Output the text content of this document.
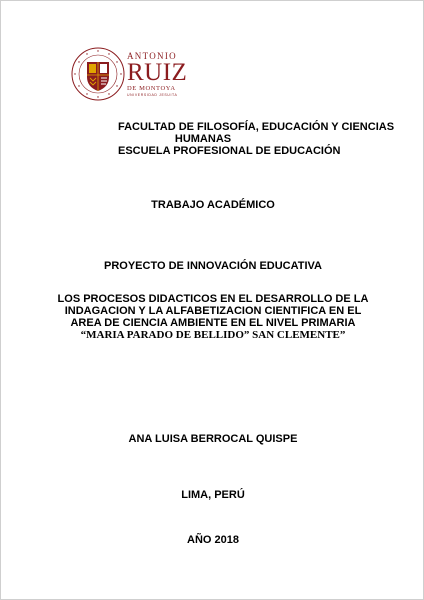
ANTONIO
RUIZ
DE MONTOYA
UNIVERSIDAD JESUITA
FACULTAD DE FILOSOFÍA, EDUCACIÓN Y CIENCIAS
HUMANAS
ESCUELA PROFESIONAL DE EDUCACIÓN
TRABAJO ACADÉMICO
PROYECTO DE INNOVACIÓN EDUCATIVA
LOS PROCESOS DIDACTICOS EN EL DESARROLLO DE LA
INDAGACION Y LA ALFABETIZACION CIENTIFICA EN EL
AREA DE CIENCIA AMBIENTE EN EL NIVEL PRIMARIA
“MARIA PARADO DE BELLIDO” SAN CLEMENTE”
ANA LUISA BERROCAL QUISPE
LIMA, PERÚ
AÑO 2018
